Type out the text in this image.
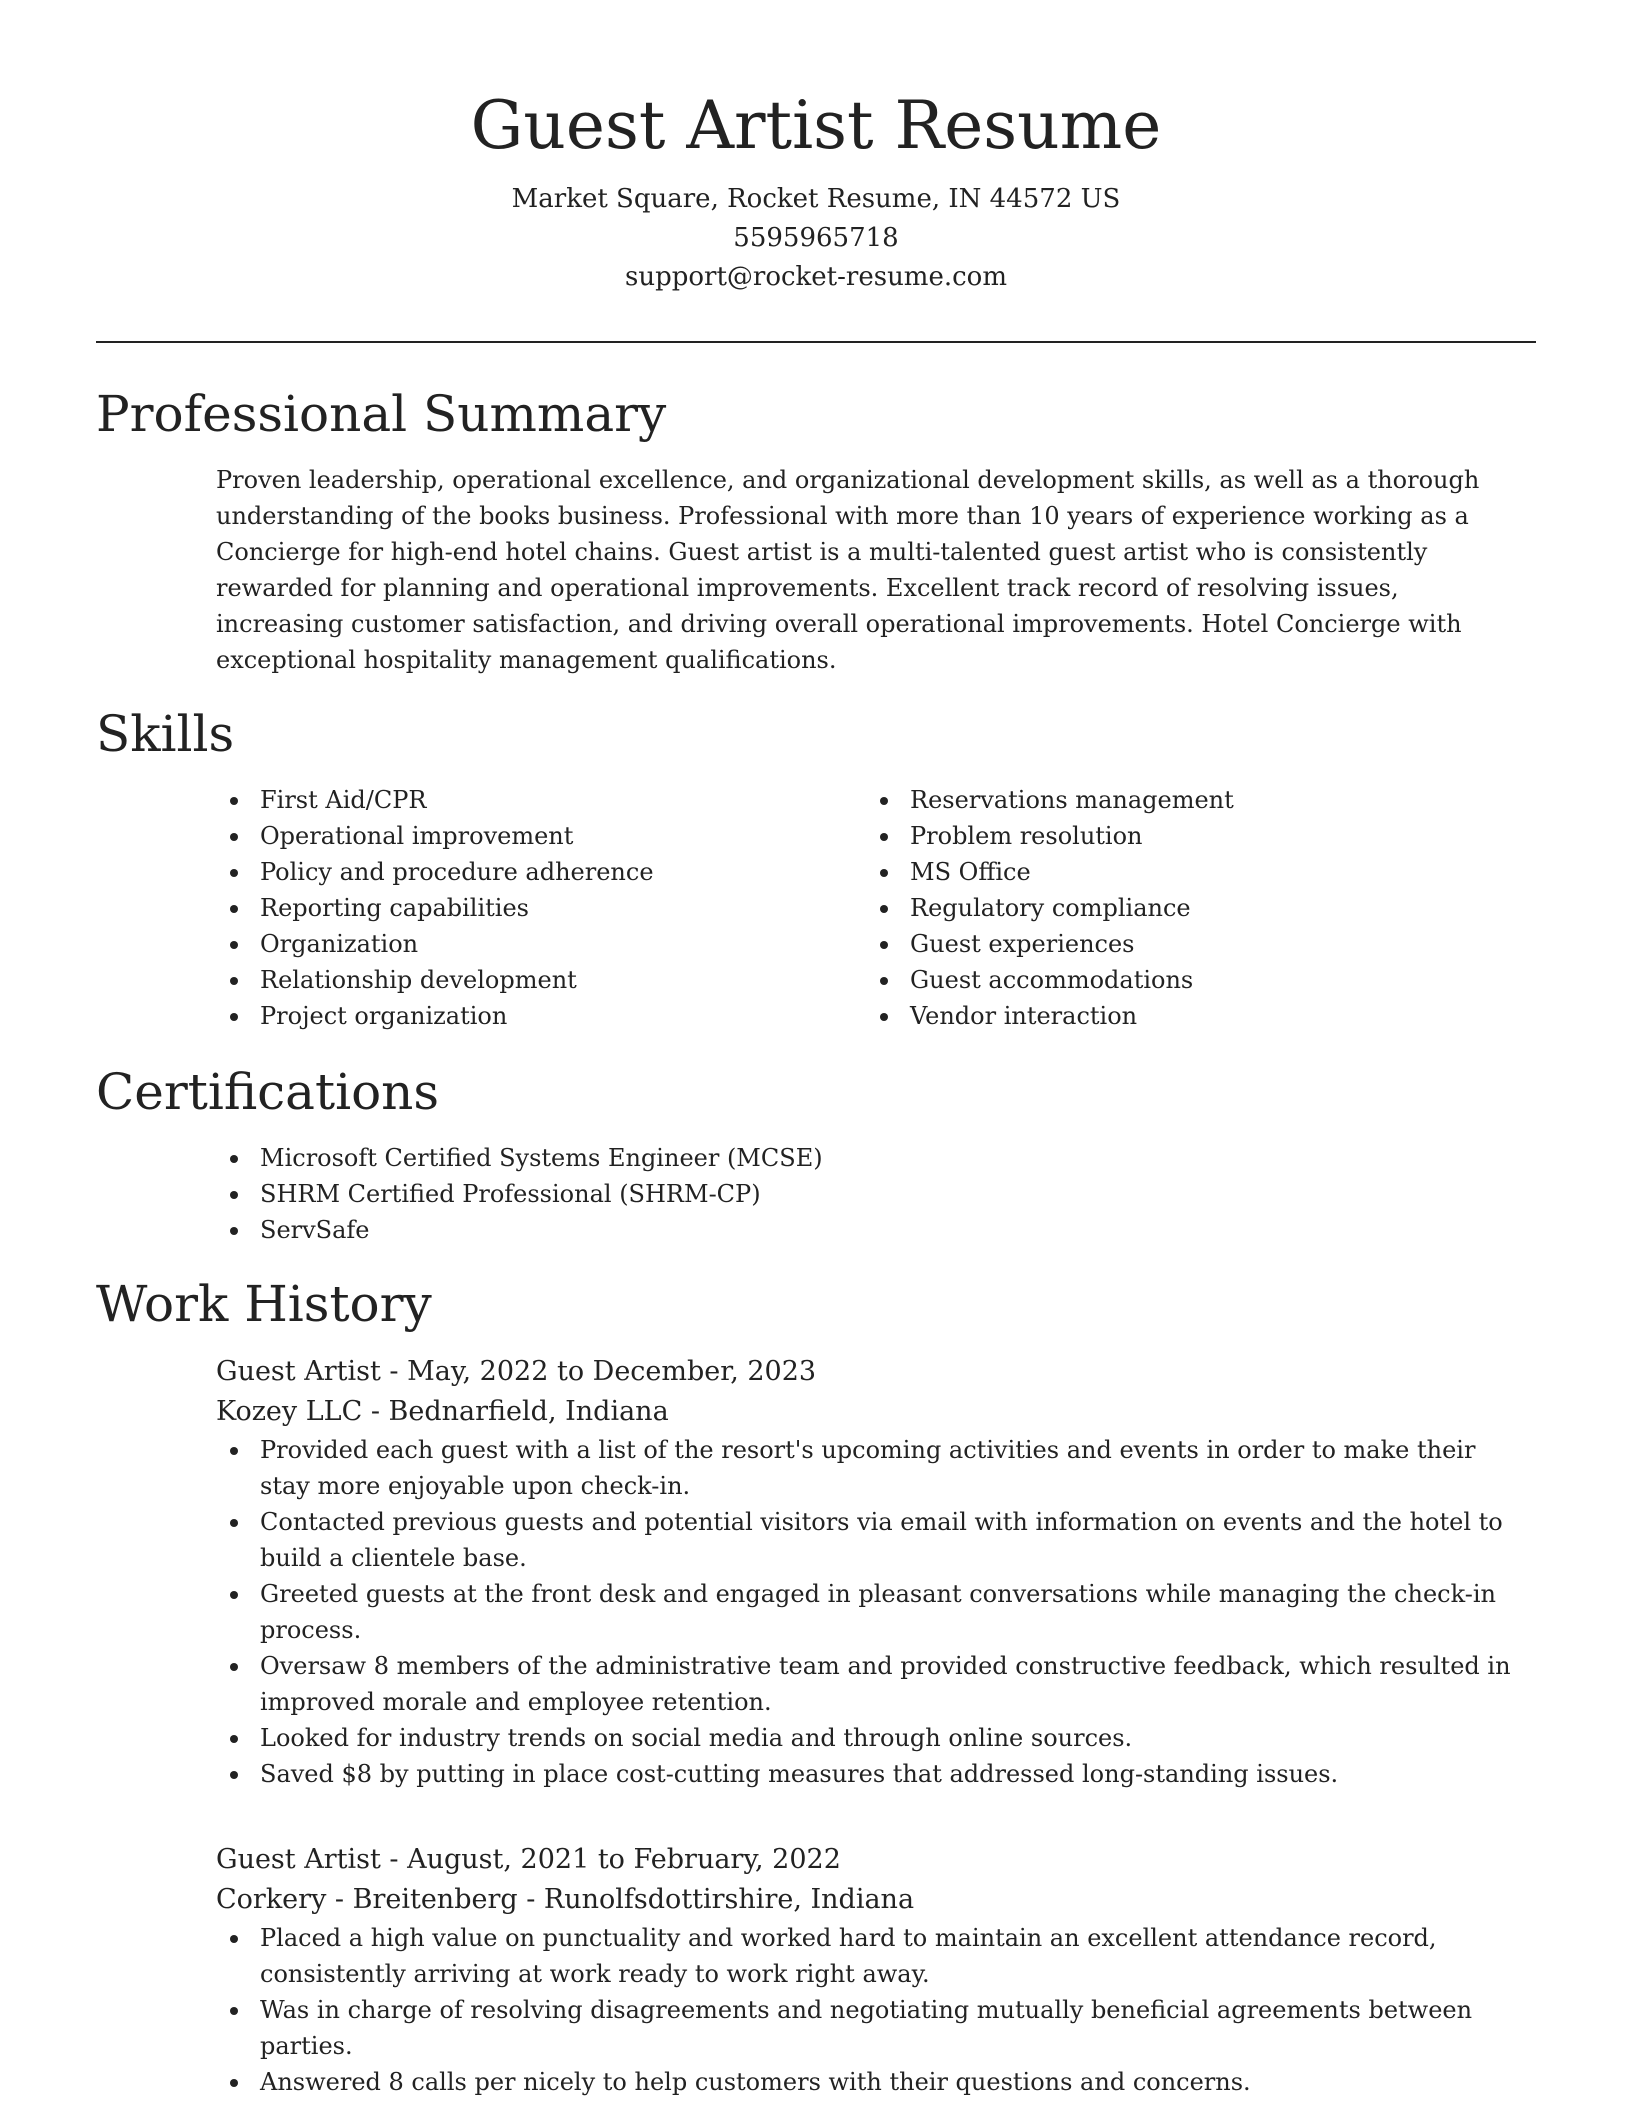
Guest Artist Resume
Market Square, Rocket Resume, IN 44572 US
5595965718
support@rocket-resume.com
Professional Summary

Proven leadership, operational excellence, and organizational development skills, as well as a thorough understanding of the books business. Professional with more than 10 years of experience working as a Concierge for high-end hotel chains. Guest artist is a multi-talented guest artist who is consistently rewarded for planning and operational improvements. Excellent track record of resolving issues, increasing customer satisfaction, and driving overall operational improvements. Hotel Concierge with exceptional hospitality management qualifications.

Skills
First Aid/CPR
Operational improvement
Policy and procedure adherence
Reporting capabilities
Organization
Relationship development
Project organization
Reservations management
Problem resolution
MS Office
Regulatory compliance
Guest experiences
Guest accommodations
Vendor interaction
Certifications
Microsoft Certified Systems Engineer (MCSE)
SHRM Certified Professional (SHRM-CP)
ServSafe
Work History
Guest Artist - May, 2022 to December, 2023
Kozey LLC - Bednarfield, Indiana
Provided each guest with a list of the resort's upcoming activities and events in order to make their stay more enjoyable upon check-in.
Contacted previous guests and potential visitors via email with information on events and the hotel to build a clientele base.
Greeted guests at the front desk and engaged in pleasant conversations while managing the check-in process.
Oversaw 8 members of the administrative team and provided constructive feedback, which resulted in improved morale and employee retention.
Looked for industry trends on social media and through online sources.
Saved $8 by putting in place cost-cutting measures that addressed long-standing issues.
Guest Artist - August, 2021 to February, 2022
Corkery - Breitenberg - Runolfsdottirshire, Indiana
Placed a high value on punctuality and worked hard to maintain an excellent attendance record, consistently arriving at work ready to work right away.
Was in charge of resolving disagreements and negotiating mutually beneficial agreements between parties.
Answered 8 calls per nicely to help customers with their questions and concerns.
